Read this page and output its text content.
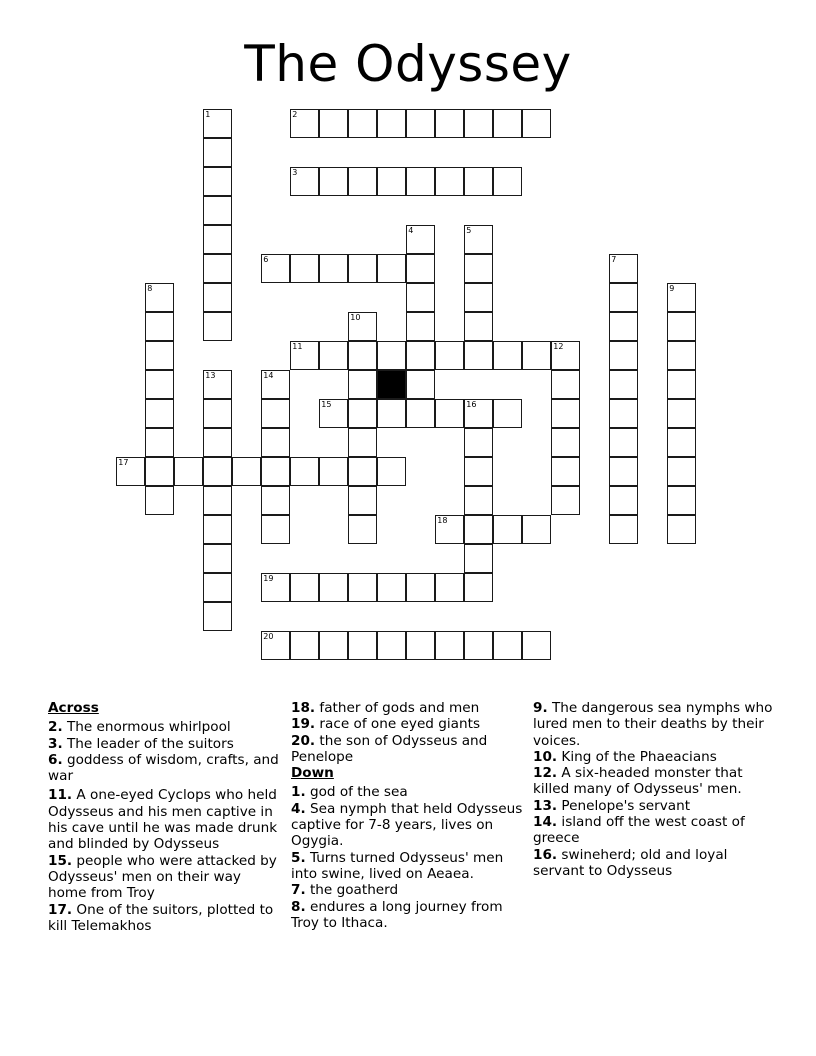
The Odyssey
1	2
3
4	5
6	7
8	9
10
11	12
13	14
15	16
17
18
19
20
Across
2. The enormous whirlpool
3. The leader of the suitors
6. goddess of wisdom, crafts, and war
11. A one-eyed Cyclops who held Odysseus and his men captive in his cave until he was made drunk and blinded by Odysseus
15. people who were attacked by Odysseus' men on their way home from Troy
17. One of the suitors, plotted to kill Telemakhos
18. father of gods and men
19. race of one eyed giants
20. the son of Odysseus and Penelope
Down
1. god of the sea
4. Sea nymph that held Odysseus captive for 7-8 years, lives on Ogygia.
5. Turns turned Odysseus' men into swine, lived on Aeaea.
7. the goatherd
8. endures a long journey from Troy to Ithaca.
9. The dangerous sea nymphs who lured men to their deaths by their voices.
10. King of the Phaeacians
12. A six-headed monster that killed many of Odysseus' men.
13. Penelope's servant
14. island off the west coast of greece
16. swineherd; old and loyal servant to Odysseus
